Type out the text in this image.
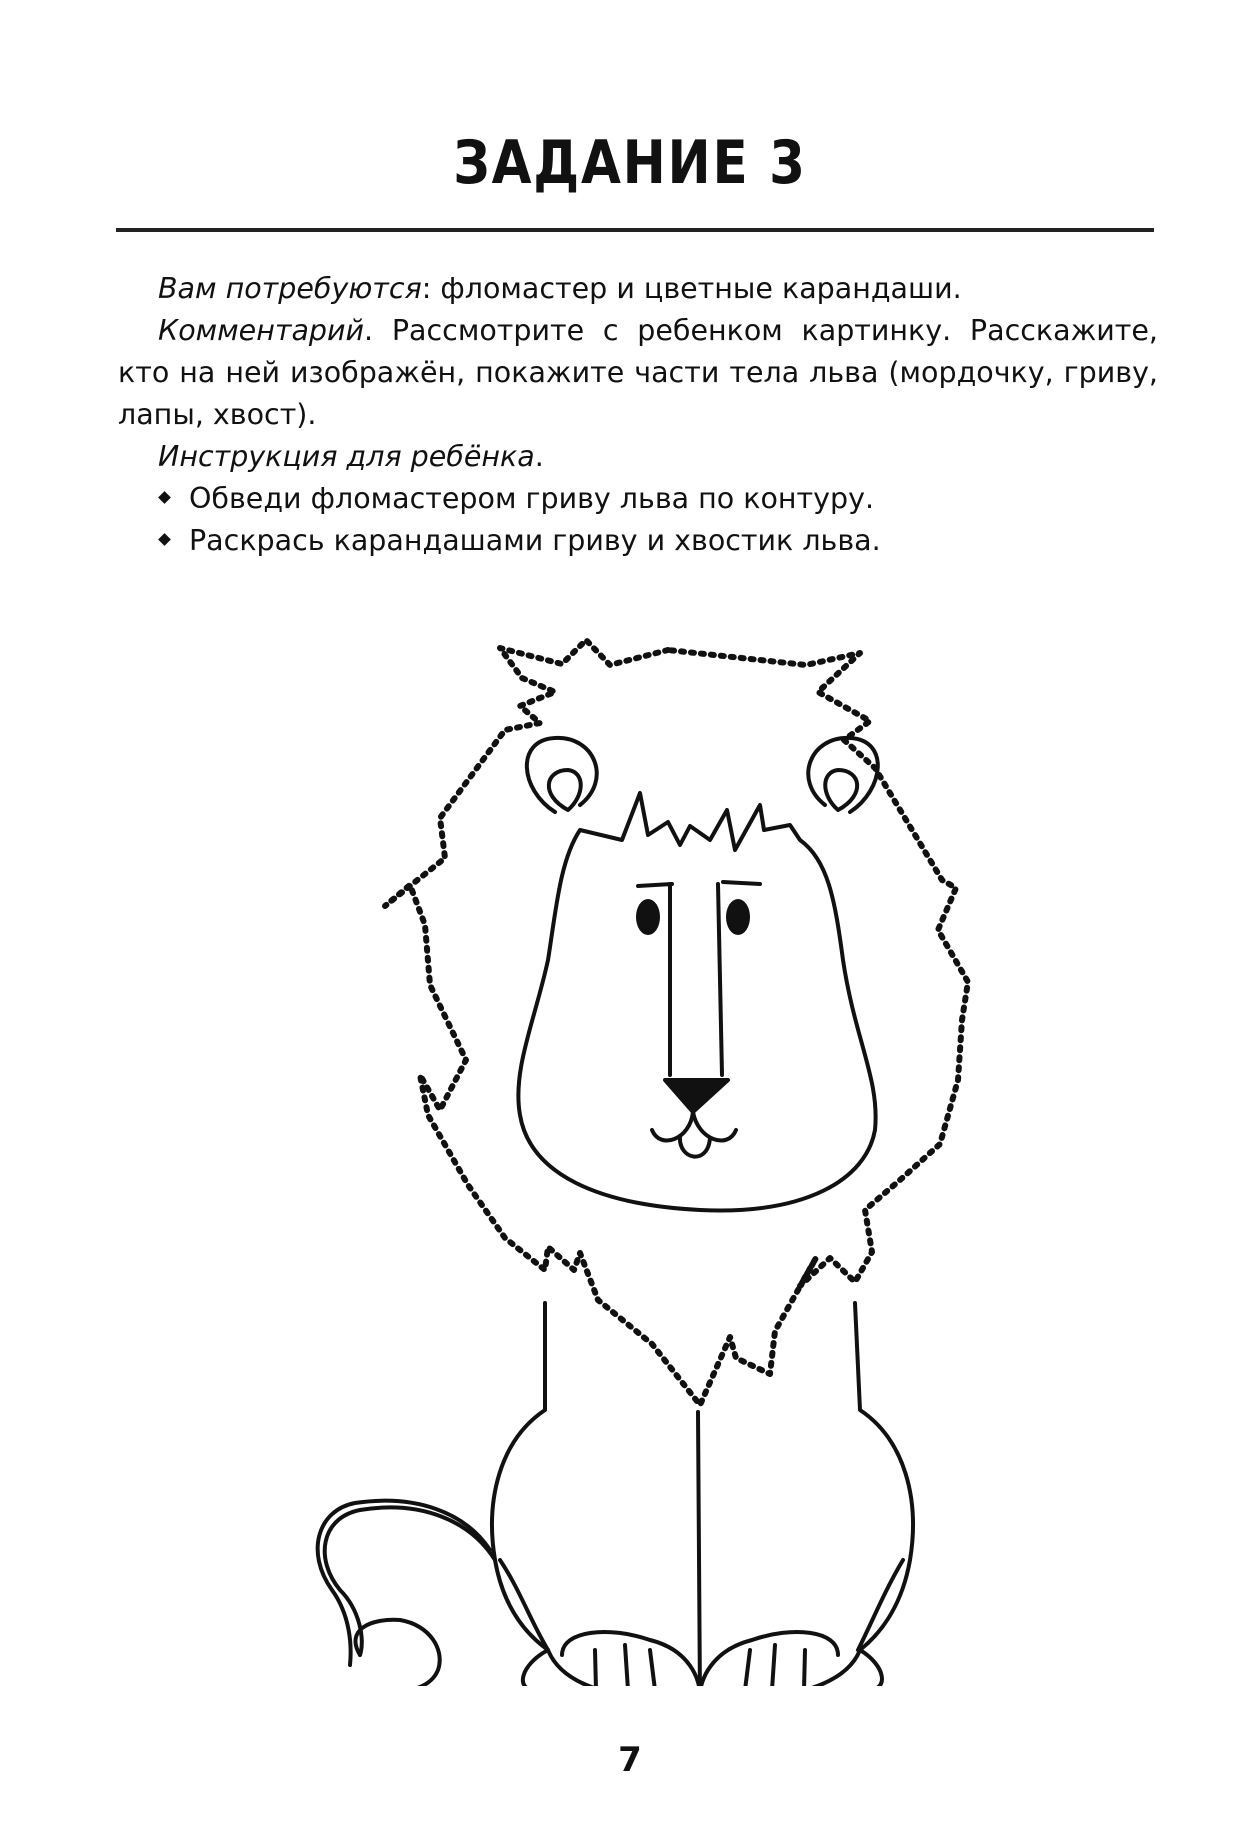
ЗАДАНИЕ 3

Вам потребуются: фломастер и цветные карандаши.

Комментарий. Рассмотрите с ребенком картинку. Расскажите, кто на ней изображён, покажите части тела льва (мордочку, гриву, лапы, хвост).

Инструкция для ребёнка.

Обведи фломастером гриву льва по контуру.

Раскрась карандашами гриву и хвостик льва.

7
